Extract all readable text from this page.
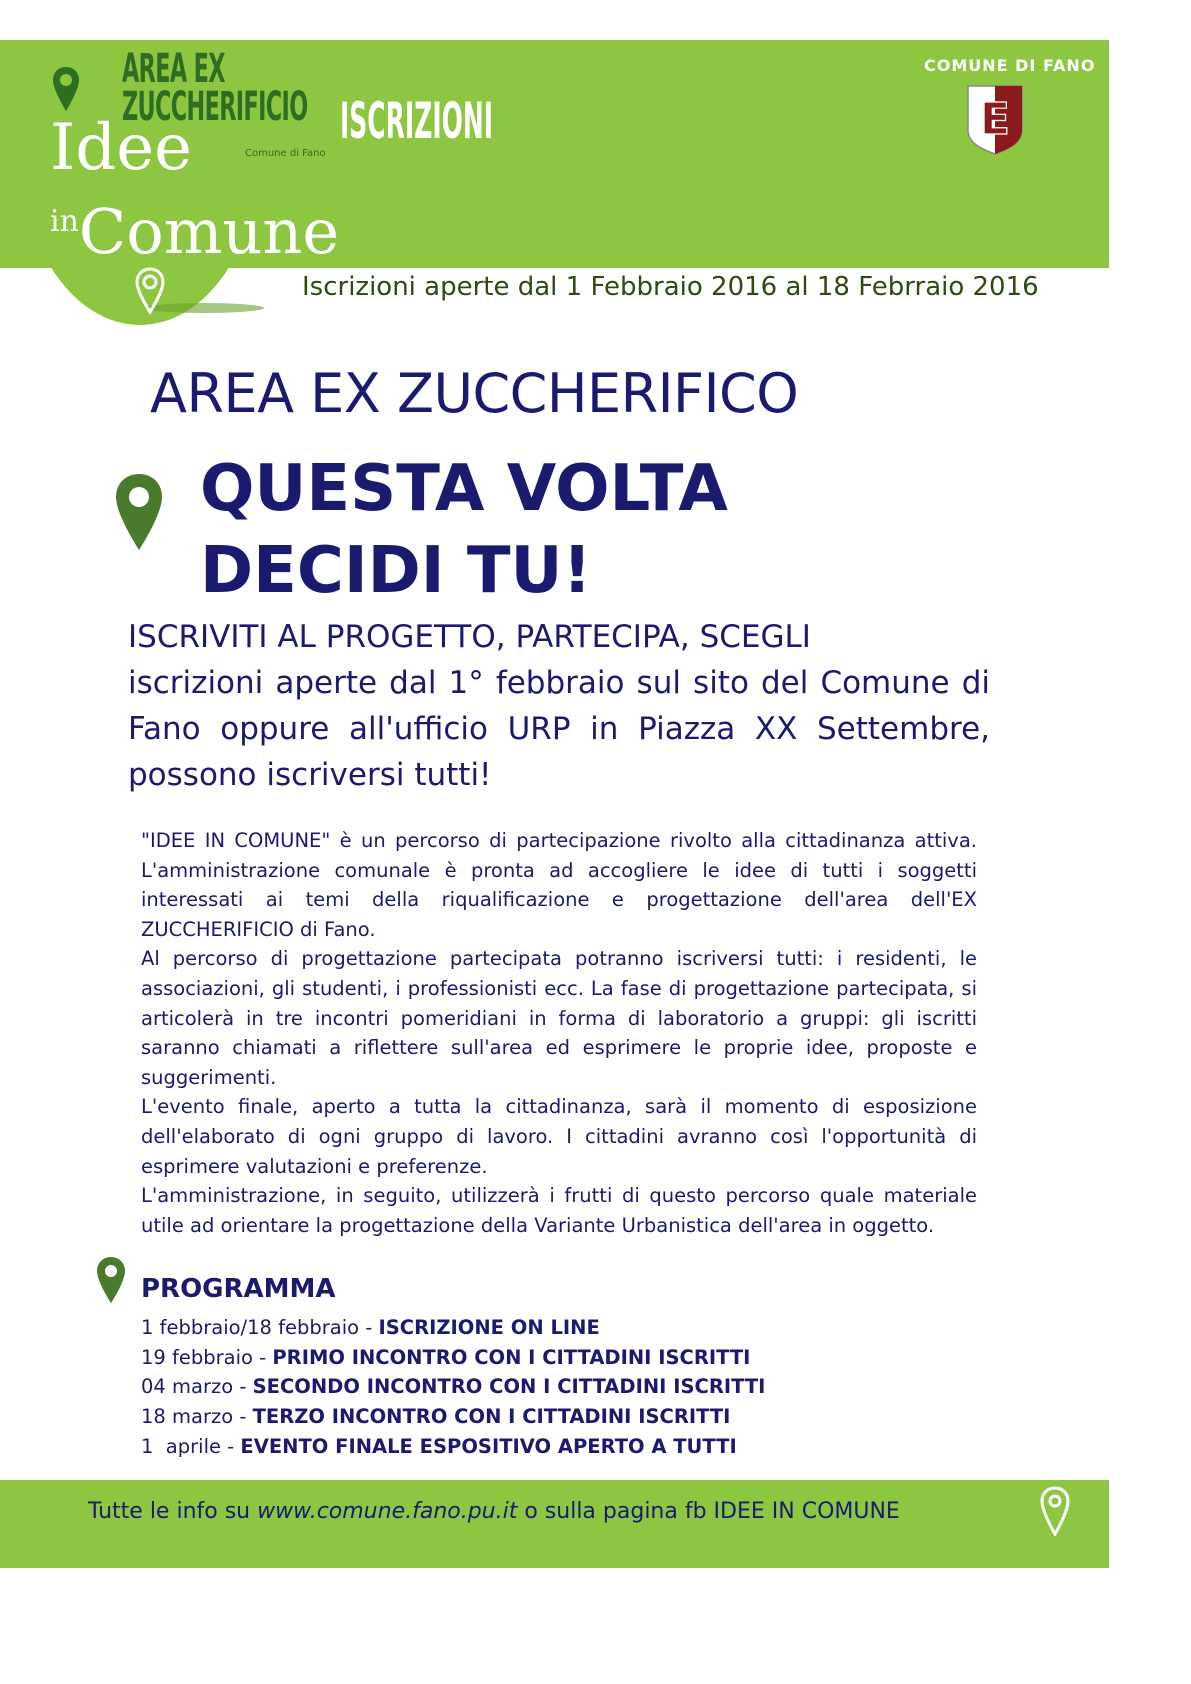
AREA EX
ZUCCHERIFICIO
Comune di Fano
ISCRIZIONI
Idee
inComune
COMUNE DI FANO
E
Iscrizioni aperte dal 1 Febbraio 2016 al 18 Febrraio 2016
AREA EX ZUCCHERIFICO
QUESTA VOLTA
DECIDI TU!
ISCRIVITI AL PROGETTO, PARTECIPA, SCEGLI
iscrizioni aperte dal 1° febbraio sul sito del Comune di Fano oppure all'ufficio URP in Piazza XX Settembre, possono iscriversi tutti!

"IDEE IN COMUNE" è un percorso di partecipazione rivolto alla cittadinanza attiva. L'amministrazione comunale è pronta ad accogliere le idee di tutti i soggetti interessati ai temi della riqualificazione e progettazione dell'area dell'EX ZUCCHERIFICIO di Fano.

Al percorso di progettazione partecipata potranno iscriversi tutti: i residenti, le associazioni, gli studenti, i professionisti ecc. La fase di progettazione partecipata, si articolerà in tre incontri pomeridiani in forma di laboratorio a gruppi: gli iscritti saranno chiamati a riflettere sull'area ed esprimere le proprie idee, proposte e suggerimenti.

L'evento finale, aperto a tutta la cittadinanza, sarà il momento di esposizione dell'elaborato di ogni gruppo di lavoro. I cittadini avranno così l'opportunità di esprimere valutazioni e preferenze.

L'amministrazione, in seguito, utilizzerà i frutti di questo percorso quale materiale utile ad orientare la progettazione della Variante Urbanistica dell'area in oggetto.

PROGRAMMA
1 febbraio/18 febbraio - ISCRIZIONE ON LINE
19 febbraio - PRIMO INCONTRO CON I CITTADINI ISCRITTI
04 marzo - SECONDO INCONTRO CON I CITTADINI ISCRITTI
18 marzo - TERZO INCONTRO CON I CITTADINI ISCRITTI
1  aprile - EVENTO FINALE ESPOSITIVO APERTO A TUTTI
Tutte le info su www.comune.fano.pu.it o sulla pagina fb IDEE IN COMUNE
